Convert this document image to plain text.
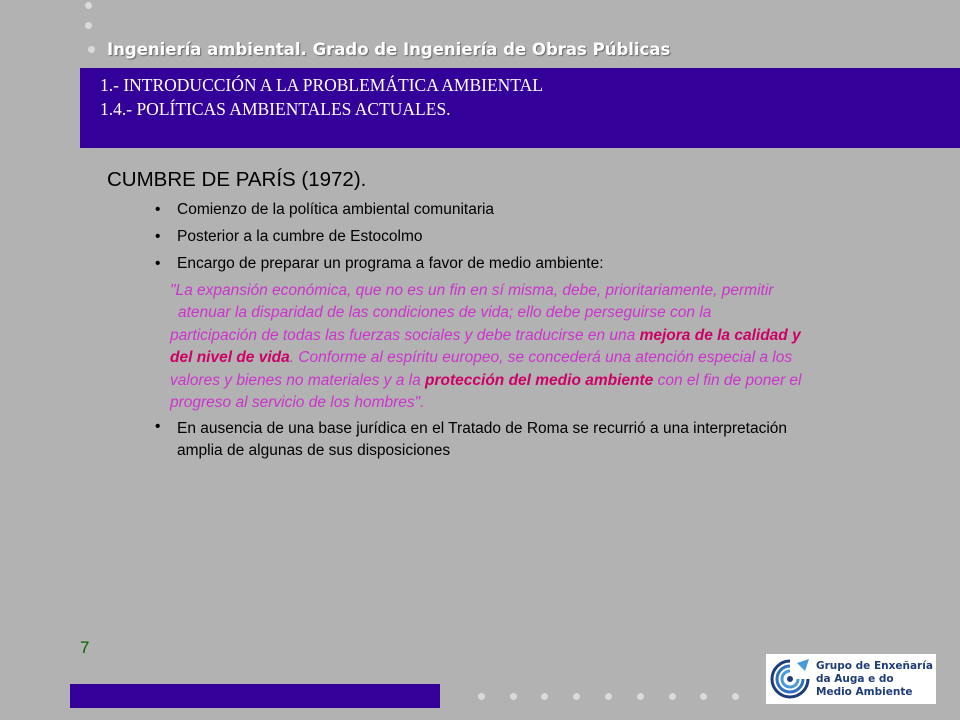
Ingeniería ambiental. Grado de Ingeniería de Obras Públicas
1.- INTRODUCCIÓN A LA PROBLEMÁTICA AMBIENTAL
1.4.- POLÍTICAS AMBIENTALES ACTUALES.
CUMBRE DE PARÍS (1972).
• Comienzo de la política ambiental comunitaria
• Posterior a la cumbre de Estocolmo
• Encargo de preparar un programa a favor de medio ambiente:
"La expansión económica, que no es un fin en sí misma, debe, prioritariamente, permitir
atenuar la disparidad de las condiciones de vida; ello debe perseguirse con la
participación de todas las fuerzas sociales y debe traducirse en una mejora de la calidad y
del nivel de vida. Conforme al espíritu europeo, se concederá una atención especial a los
valores y bienes no materiales y a la protección del medio ambiente con el fin de poner el
progreso al servicio de los hombres".
• En ausencia de una base jurídica en el Tratado de Roma se recurrió a una interpretación
amplia de algunas de sus disposiciones
7
Grupo de Enxeñaría
da Auga e do
Medio Ambiente
